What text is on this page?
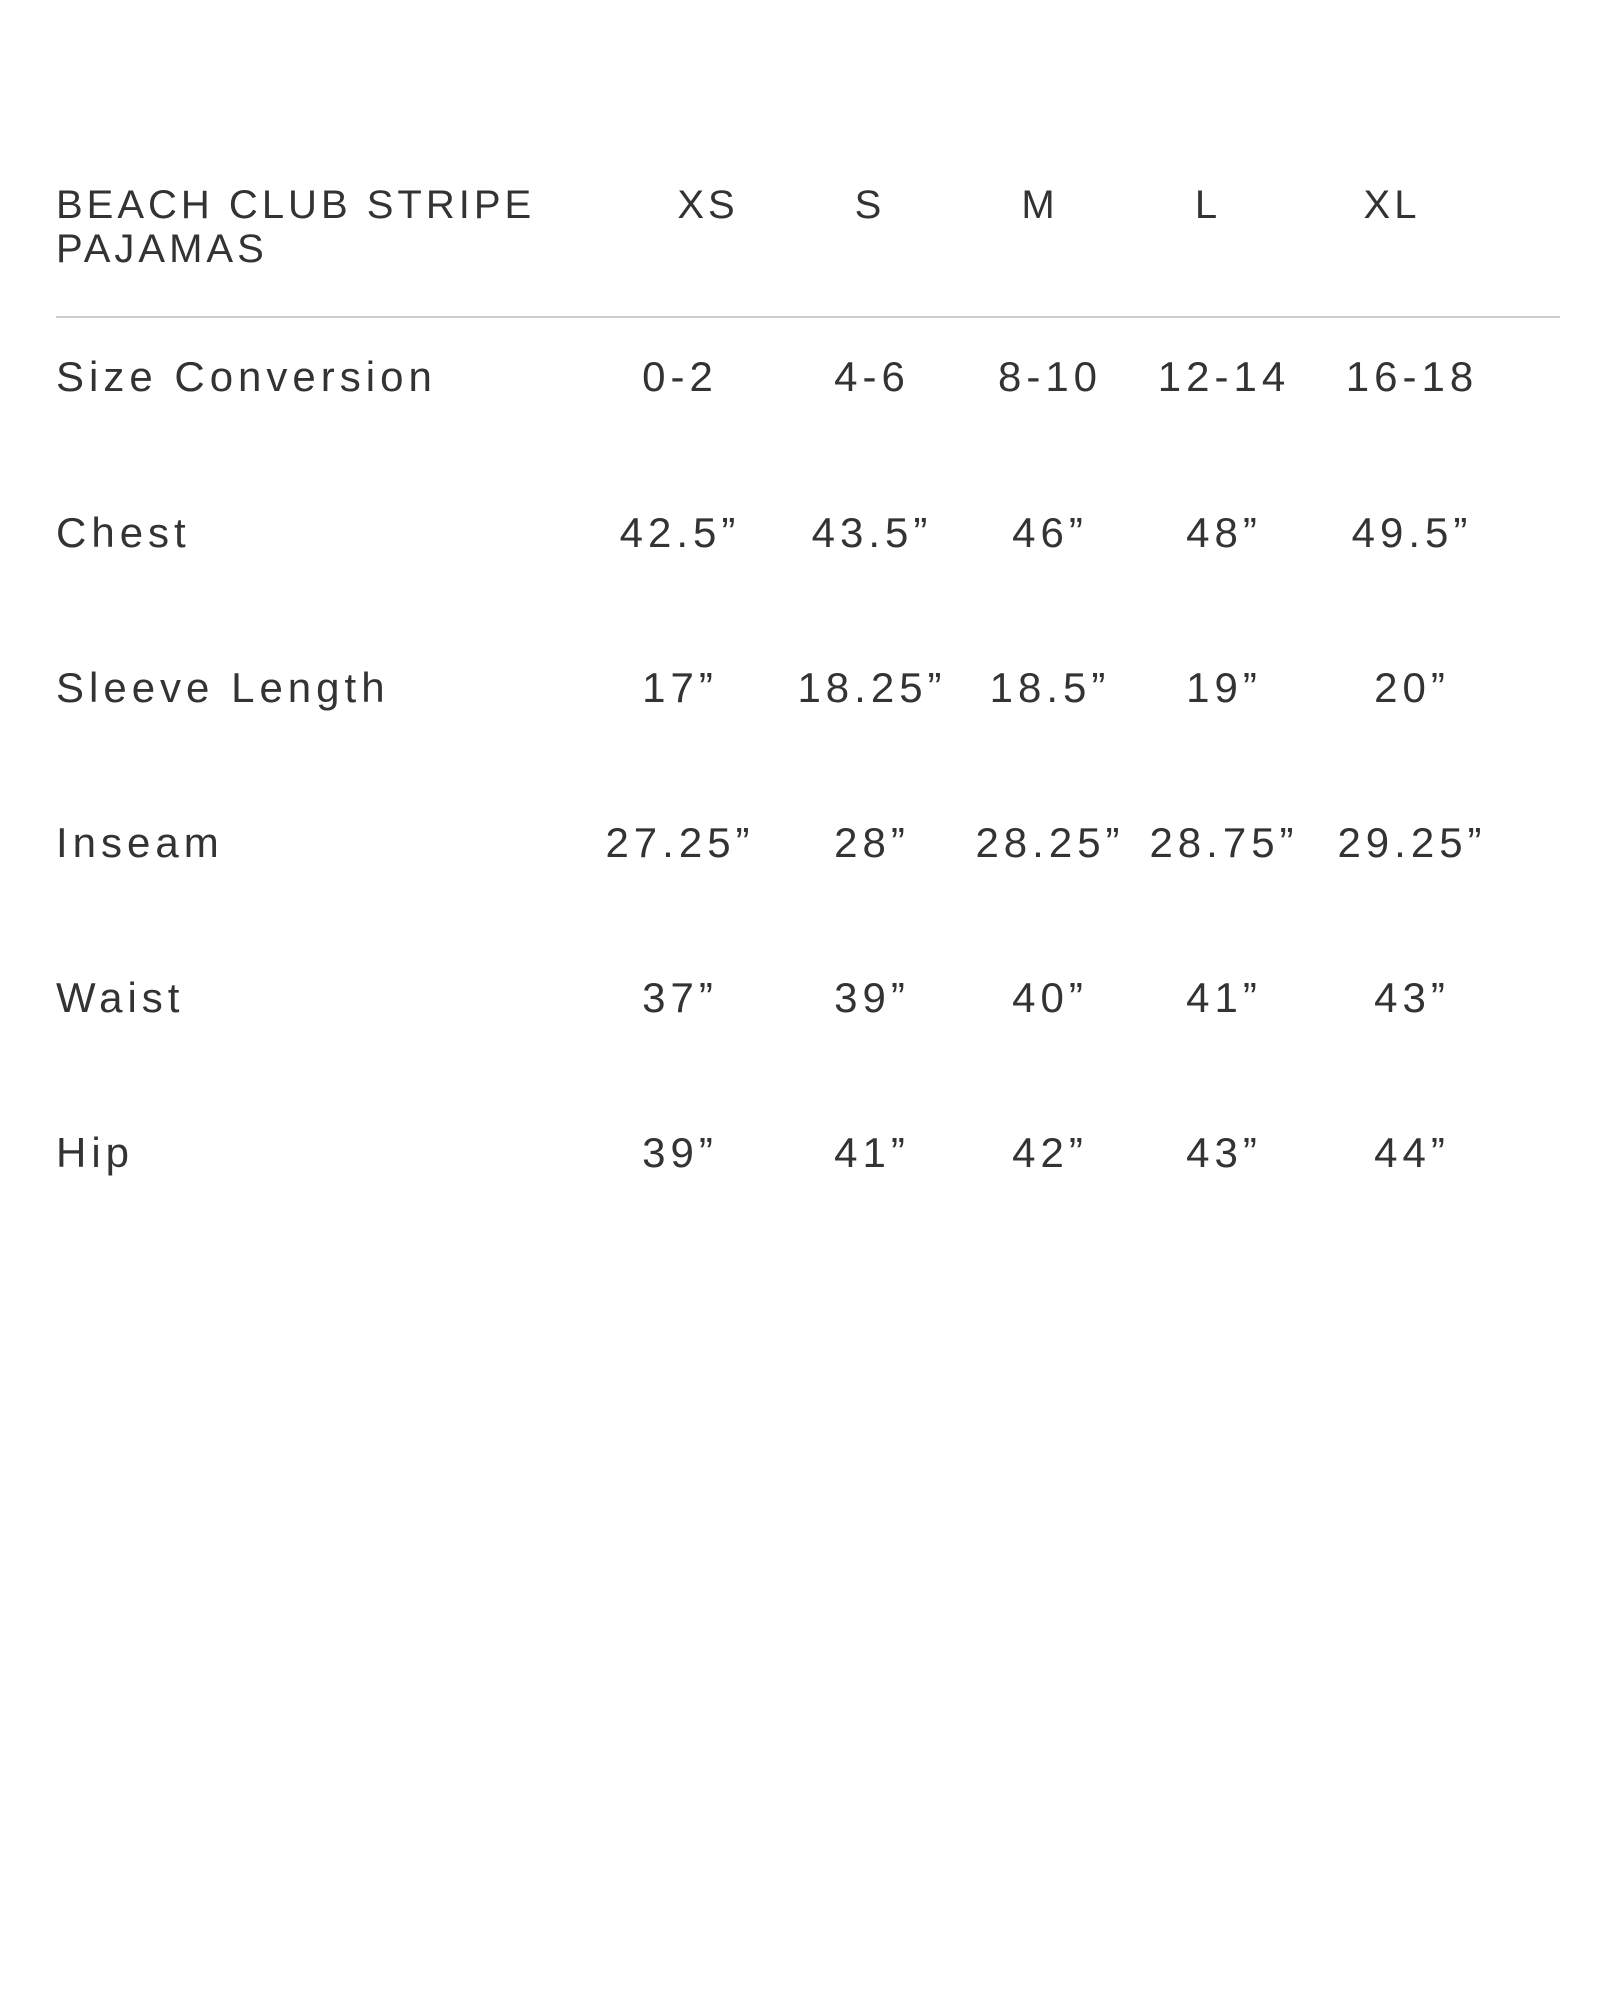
BEACH CLUB STRIPE PAJAMAS
XS	S	M	L	XL
Size Conversion	0-2	4-6	8-10	12-14	16-18
Chest	42.5”	43.5”	46”	48”	49.5”
Sleeve Length	17”	18.25”	18.5”	19”	20”
Inseam	27.25”	28”	28.25” 28.75” 29.25”
Waist	37”	39”	40”	41”	43”
Hip	39”	41”	42”	43”	44”
